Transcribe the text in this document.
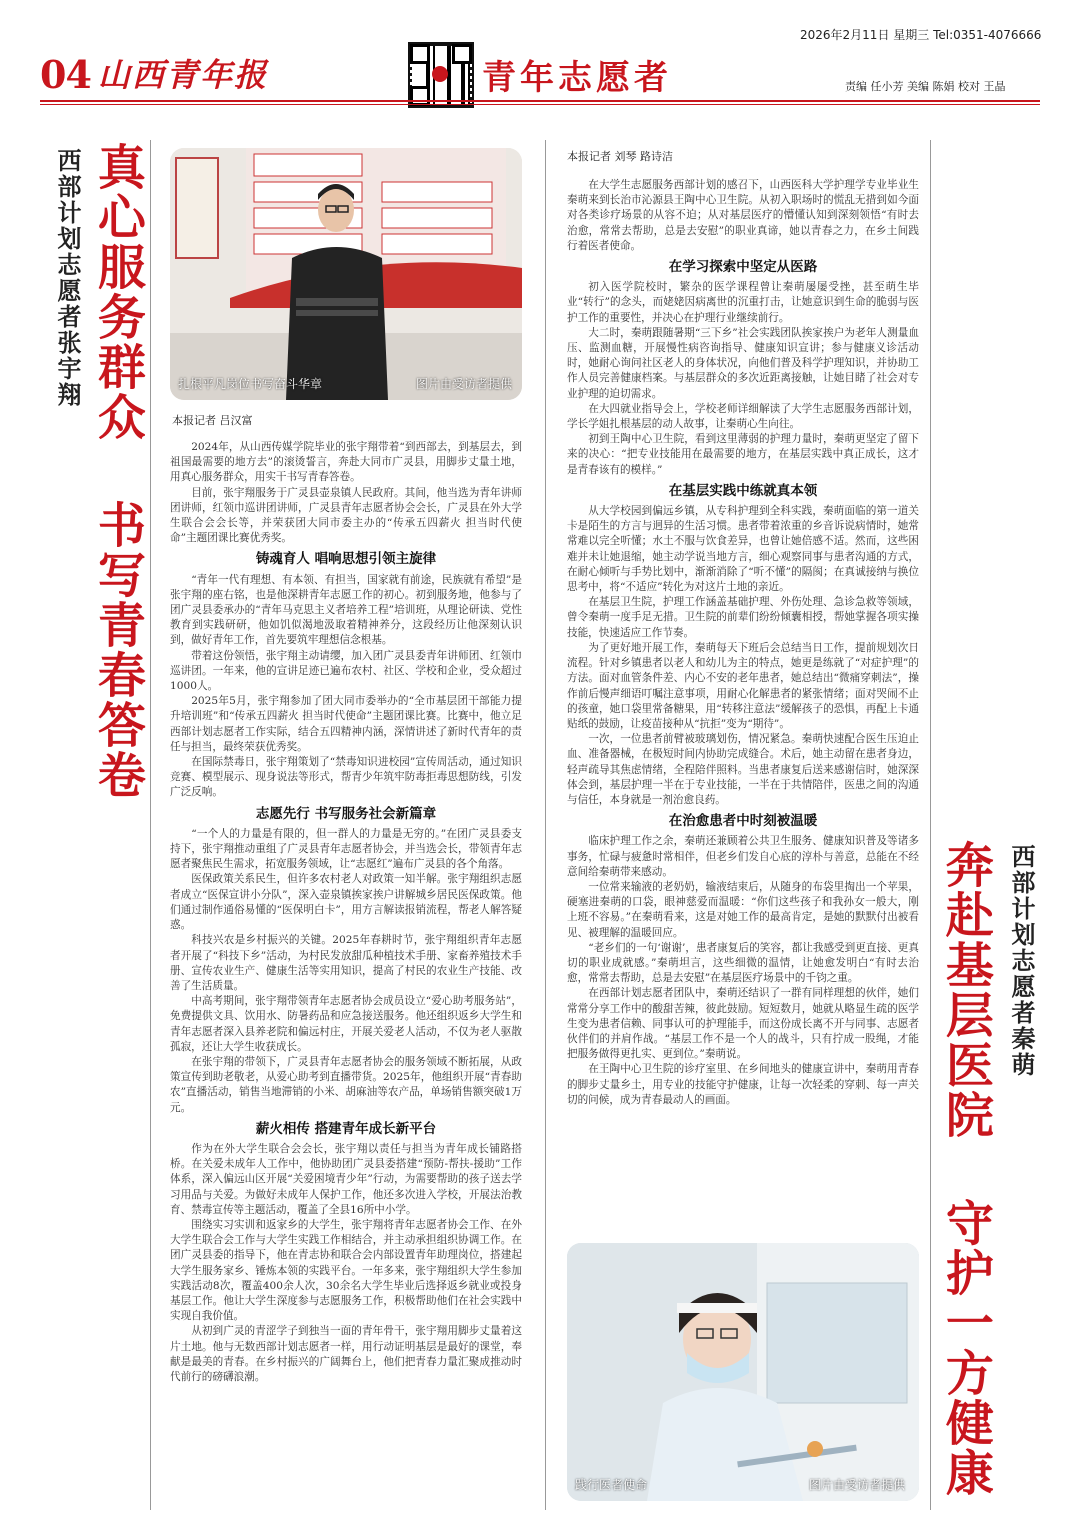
04 山西青年报	青年志愿者
2026年2月11日 星期三 Tel:0351-4076666
责编 任小芳 美编 陈娟 校对 王晶
西部计划志愿者张宇翔 真心服务群众 书写青春答卷	扎根平凡岗位书写奋斗华章	图片由受访者提供
本报记者 吕汉富

2024年，从山西传媒学院毕业的张宇翔带着“到西部去，到基层去，到祖国最需要的地方去”的滚烫誓言，奔赴大同市广灵县，用脚步丈量土地，用真心服务群众，用实干书写青春答卷。

目前，张宇翔服务于广灵县壶泉镇人民政府。其间，他当选为青年讲师团讲师，红领巾巡讲团讲师，广灵县青年志愿者协会会长，广灵县在外大学生联合会会长等，并荣获团大同市委主办的“传承五四薪火 担当时代使命”主题团课比赛优秀奖。

铸魂育人 唱响思想引领主旋律

“青年一代有理想、有本领、有担当，国家就有前途，民族就有希望”是张宇翔的座右铭，也是他深耕青年志愿工作的初心。初到服务地，他参与了团广灵县委承办的“青年马克思主义者培养工程”培训班，从理论研读、党性教育到实践研研，他如饥似渴地汲取着精神养分，这段经历让他深刻认识到，做好青年工作，首先要筑牢理想信念根基。

带着这份领悟，张宇翔主动请缨，加入团广灵县委青年讲师团、红领巾巡讲团。一年来，他的宣讲足迹已遍布农村、社区、学校和企业，受众超过1000人。

2025年5月，张宇翔参加了团大同市委举办的“全市基层团干部能力提升培训班”和“传承五四薪火 担当时代使命”主题团课比赛。比赛中，他立足西部计划志愿者工作实际，结合五四精神内涵，深情讲述了新时代青年的责任与担当，最终荣获优秀奖。

在国际禁毒日，张宇翔策划了“禁毒知识进校园”宣传周活动，通过知识竞赛、模型展示、现身说法等形式，帮青少年筑牢防毒拒毒思想防线，引发广泛反响。

志愿先行 书写服务社会新篇章

“一个人的力量是有限的，但一群人的力量是无穷的。”在团广灵县委支持下，张宇翔推动重组了广灵县青年志愿者协会，并当选会长，带领青年志愿者聚焦民生需求，拓宽服务领域，让“志愿红”遍布广灵县的各个角落。

医保政策关系民生，但许多农村老人对政策一知半解。张宇翔组织志愿者成立“医保宣讲小分队”，深入壶泉镇挨家挨户讲解城乡居民医保政策。他们通过制作通俗易懂的“医保明白卡”，用方言解读报销流程，帮老人解答疑惑。

科技兴农是乡村振兴的关键。2025年春耕时节，张宇翔组织青年志愿者开展了“科技下乡”活动，为村民发放甜瓜种植技术手册、家畜养殖技术手册、宣传农业生产、健康生活等实用知识，提高了村民的农业生产技能、改善了生活质量。

中高考期间，张宇翔带领青年志愿者协会成员设立“爱心助考服务站”，免费提供文具、饮用水、防暑药品和应急接送服务。他还组织返乡大学生和青年志愿者深入县养老院和偏远村庄，开展关爱老人活动，不仅为老人驱散孤寂，还让大学生收获成长。

在张宇翔的带领下，广灵县青年志愿者协会的服务领域不断拓展，从政策宣传到助老敬老，从爱心助考到直播带货。2025年，他组织开展“青春助农”直播活动，销售当地滞销的小米、胡麻油等农产品，单场销售额突破1万元。

薪火相传 搭建青年成长新平台

作为在外大学生联合会会长，张宇翔以责任与担当为青年成长铺路搭桥。在关爱未成年人工作中，他协助团广灵县委搭建“预防-帮扶-援助”工作体系，深入偏远山区开展“关爱困境青少年”行动，为需要帮助的孩子送去学习用品与关爱。为做好未成年人保护工作，他还多次进入学校，开展法治教育、禁毒宣传等主题活动，覆盖了全县16所中小学。

围绕实习实训和返家乡的大学生，张宇翔将青年志愿者协会工作、在外大学生联合会工作与大学生实践工作相结合，并主动承担组织协调工作。在团广灵县委的指导下，他在青志协和联合会内部设置青年助理岗位，搭建起大学生服务家乡、锤炼本领的实践平台。一年多来，张宇翔组织大学生参加实践活动8次，覆盖400余人次，30余名大学生毕业后选择返乡就业或投身基层工作。他让大学生深度参与志愿服务工作，积极帮助他们在社会实践中实现自我价值。

从初到广灵的青涩学子到独当一面的青年骨干，张宇翔用脚步丈量着这片土地。他与无数西部计划志愿者一样，用行动证明基层是最好的课堂，奉献是最美的青春。在乡村振兴的广阔舞台上，他们把青春力量汇聚成推动时代前行的磅礴浪潮。

本报记者 刘琴 路诗洁

在大学生志愿服务西部计划的感召下，山西医科大学护理学专业毕业生秦萌来到长治市沁源县王陶中心卫生院。从初入职场时的慌乱无措到如今面对各类诊疗场景的从容不迫；从对基层医疗的懵懂认知到深刻领悟“有时去治愈，常常去帮助，总是去安慰”的职业真谛，她以青春之力，在乡土间践行着医者使命。

在学习探索中坚定从医路

初入医学院校时，繁杂的医学课程曾让秦萌屡屡受挫，甚至萌生毕业“转行”的念头，而姥姥因病离世的沉重打击，让她意识到生命的脆弱与医护工作的重要性，并决心在护理行业继续前行。

大二时，秦萌跟随暑期“三下乡”社会实践团队挨家挨户为老年人测量血压、监测血糖，开展慢性病咨询指导、健康知识宣讲；参与健康义诊活动时，她耐心询问社区老人的身体状况，向他们普及科学护理知识，并协助工作人员完善健康档案。与基层群众的多次近距离接触，让她目睹了社会对专业护理的迫切需求。

在大四就业指导会上，学校老师详细解读了大学生志愿服务西部计划，学长学姐扎根基层的动人故事，让秦萌心生向往。

初到王陶中心卫生院，看到这里薄弱的护理力量时，秦萌更坚定了留下来的决心：“把专业技能用在最需要的地方，在基层实践中真正成长，这才是青春该有的模样。”

在基层实践中练就真本领

从大学校园到偏远乡镇，从专科护理到全科实践，秦萌面临的第一道关卡是陌生的方言与迥异的生活习惯。患者带着浓重的乡音诉说病情时，她常常难以完全听懂；水土不服与饮食差异，也曾让她倍感不适。然而，这些困难并未让她退缩，她主动学说当地方言，细心观察同事与患者沟通的方式，在耐心倾听与手势比划中，渐渐消除了“听不懂”的隔阂；在真诚接纳与换位思考中，将“不适应”转化为对这片土地的亲近。

在基层卫生院，护理工作涵盖基础护理、外伤处理、急诊急救等领域，曾令秦萌一度手足无措。卫生院的前辈们纷纷倾囊相授，帮她掌握各项实操技能，快速适应工作节奏。

为了更好地开展工作，秦萌每天下班后会总结当日工作，提前规划次日流程。针对乡镇患者以老人和幼儿为主的特点，她更是练就了“对症护理”的方法。面对血管条件差、内心不安的老年患者，她总结出“微痛穿刺法”，操作前后慢声细语叮嘱注意事项，用耐心化解患者的紧张情绪；面对哭闹不止的孩童，她口袋里常备糖果，用“转移注意法”缓解孩子的恐惧，再配上卡通贴纸的鼓励，让疫苗接种从“抗拒”变为“期待”。

一次，一位患者前臂被玻璃划伤，情况紧急。秦萌快速配合医生压迫止血、准备器械，在极短时间内协助完成缝合。术后，她主动留在患者身边，轻声疏导其焦虑情绪，全程陪伴照料。当患者康复后送来感谢信时，她深深体会到，基层护理一半在于专业技能，一半在于共情陪伴，医患之间的沟通与信任，本身就是一剂治愈良药。

在治愈患者中时刻被温暖

临床护理工作之余，秦萌还兼顾着公共卫生服务、健康知识普及等诸多事务，忙碌与疲惫时常相伴，但老乡们发自心底的淳朴与善意，总能在不经意间给秦萌带来感动。

一位常来输液的老奶奶，输液结束后，从随身的布袋里掏出一个苹果，硬塞进秦萌的口袋，眼神慈爱而温暖：“你们这些孩子和我孙女一般大，刚上班不容易。”在秦萌看来，这是对她工作的最高肯定，是她的默默付出被看见、被理解的温暖回应。

“老乡们的一句‘谢谢’，患者康复后的笑容，都让我感受到更直接、更真切的职业成就感。”秦萌坦言，这些细微的温情，让她愈发明白“有时去治愈，常常去帮助，总是去安慰”在基层医疗场景中的千钧之重。

在西部计划志愿者团队中，秦萌还结识了一群有同样理想的伙伴，她们常常分享工作中的酸甜苦辣，彼此鼓励。短短数月，她就从略显生疏的医学生变为患者信赖、同事认可的护理能手，而这份成长离不开与同事、志愿者伙伴们的并肩作战。“基层工作不是一个人的战斗，只有拧成一股绳，才能把服务做得更扎实、更到位。”秦萌说。

在王陶中心卫生院的诊疗室里、在乡间地头的健康宣讲中，秦萌用青春的脚步丈量乡土，用专业的技能守护健康，让每一次轻柔的穿刺、每一声关切的问候，成为青春最动人的画面。

践行医者使命	图片由受访者提供 奔赴基层医院 守护一方健康 西部计划志愿者秦萌
